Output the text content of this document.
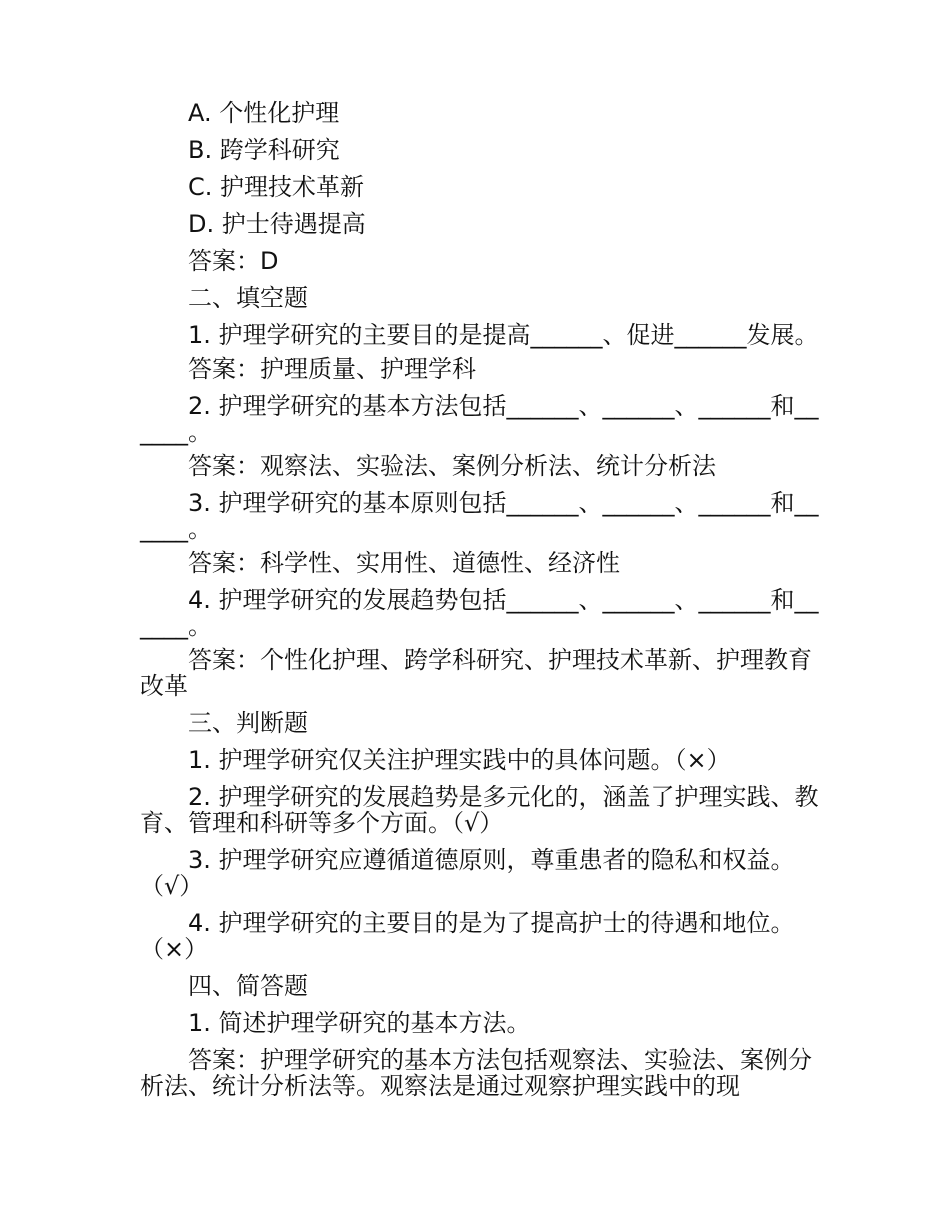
A. 个性化护理

B. 跨学科研究

C. 护理技术革新

D. 护士待遇提高

答案：D

二、填空题

1. 护理学研究的主要目的是提高______、促进______发展。

答案：护理质量、护理学科

2. 护理学研究的基本方法包括______、______、______和______。

答案：观察法、实验法、案例分析法、统计分析法

3. 护理学研究的基本原则包括______、______、______和______。

答案：科学性、实用性、道德性、经济性

4. 护理学研究的发展趋势包括______、______、______和______。

答案：个性化护理、跨学科研究、护理技术革新、护理教育改革

三、判断题

1. 护理学研究仅关注护理实践中的具体问题。（×）

2. 护理学研究的发展趋势是多元化的，涵盖了护理实践、教育、管理和科研等多个方面。（√）

3. 护理学研究应遵循道德原则，尊重患者的隐私和权益。（√）

4. 护理学研究的主要目的是为了提高护士的待遇和地位。（×）

四、简答题

1. 简述护理学研究的基本方法。

答案：护理学研究的基本方法包括观察法、实验法、案例分析法、统计分析法等。观察法是通过观察护理实践中的现
